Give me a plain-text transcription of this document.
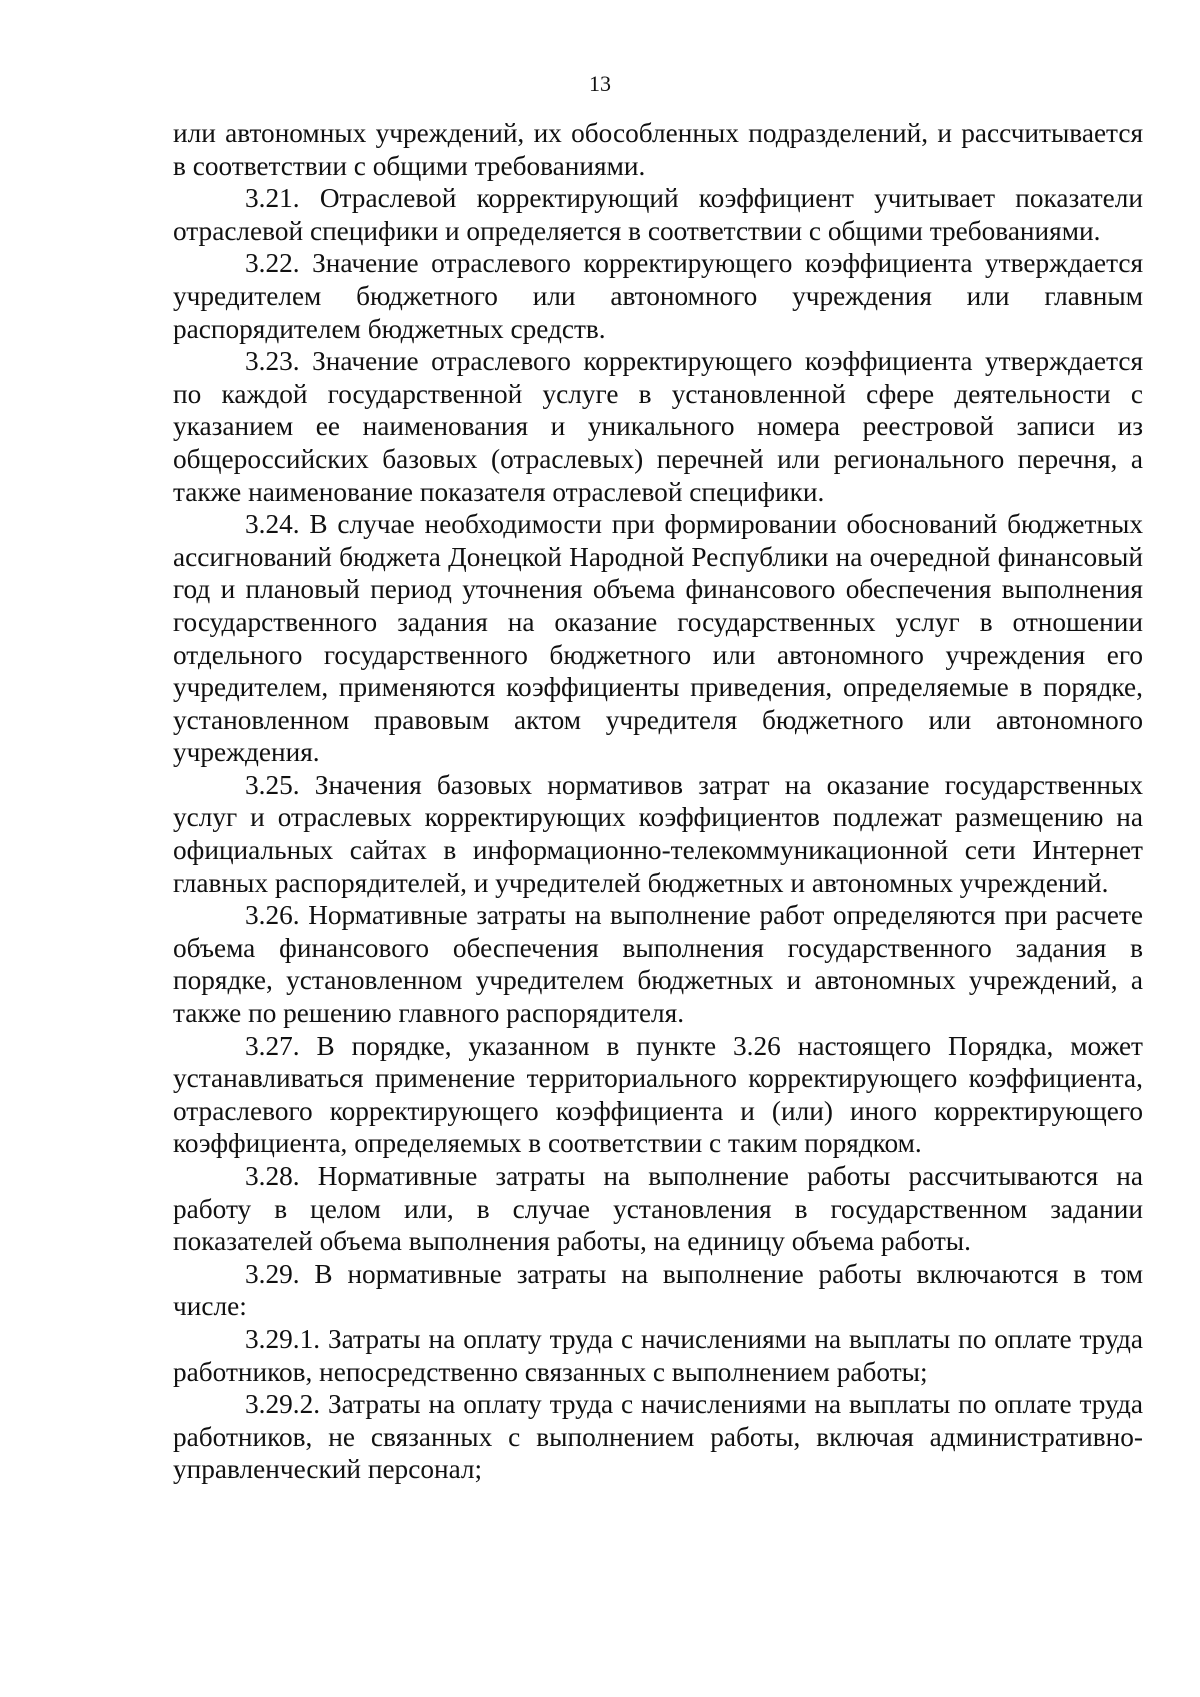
13

или автономных учреждений, их обособленных подразделений, и рассчитывается в соответствии с общими требованиями.

3.21. Отраслевой корректирующий коэффициент учитывает показатели отраслевой специфики и определяется в соответствии с общими требованиями.

3.22. Значение отраслевого корректирующего коэффициента утверждается учредителем бюджетного или автономного учреждения или главным распорядителем бюджетных средств.

3.23. Значение отраслевого корректирующего коэффициента утверждается по каждой государственной услуге в установленной сфере деятельности с указанием ее наименования и уникального номера реестровой записи из общероссийских базовых (отраслевых) перечней или регионального перечня, а также наименование показателя отраслевой специфики.

3.24. В случае необходимости при формировании обоснований бюджетных ассигнований бюджета Донецкой Народной Республики на очередной финансовый год и плановый период уточнения объема финансового обеспечения выполнения государственного задания на оказание государственных услуг в отношении отдельного государственного бюджетного или автономного учреждения его учредителем, применяются коэффициенты приведения, определяемые в порядке, установленном правовым актом учредителя бюджетного или автономного учреждения.

3.25. Значения базовых нормативов затрат на оказание государственных услуг и отраслевых корректирующих коэффициентов подлежат размещению на официальных сайтах в информационно-телекоммуникационной сети Интернет главных распорядителей, и учредителей бюджетных и автономных учреждений.

3.26. Нормативные затраты на выполнение работ определяются при расчете объема финансового обеспечения выполнения государственного задания в порядке, установленном учредителем бюджетных и автономных учреждений, а также по решению главного распорядителя.

3.27. В порядке, указанном в пункте 3.26 настоящего Порядка, может устанавливаться применение территориального корректирующего коэффициента, отраслевого корректирующего коэффициента и (или) иного корректирующего коэффициента, определяемых в соответствии с таким порядком.

3.28. Нормативные затраты на выполнение работы рассчитываются на работу в целом или, в случае установления в государственном задании показателей объема выполнения работы, на единицу объема работы.

3.29. В нормативные затраты на выполнение работы включаются в том числе:

3.29.1. Затраты на оплату труда с начислениями на выплаты по оплате труда работников, непосредственно связанных с выполнением работы;

3.29.2. Затраты на оплату труда с начислениями на выплаты по оплате труда работников, не связанных с выполнением работы, включая административно-управленческий персонал;
